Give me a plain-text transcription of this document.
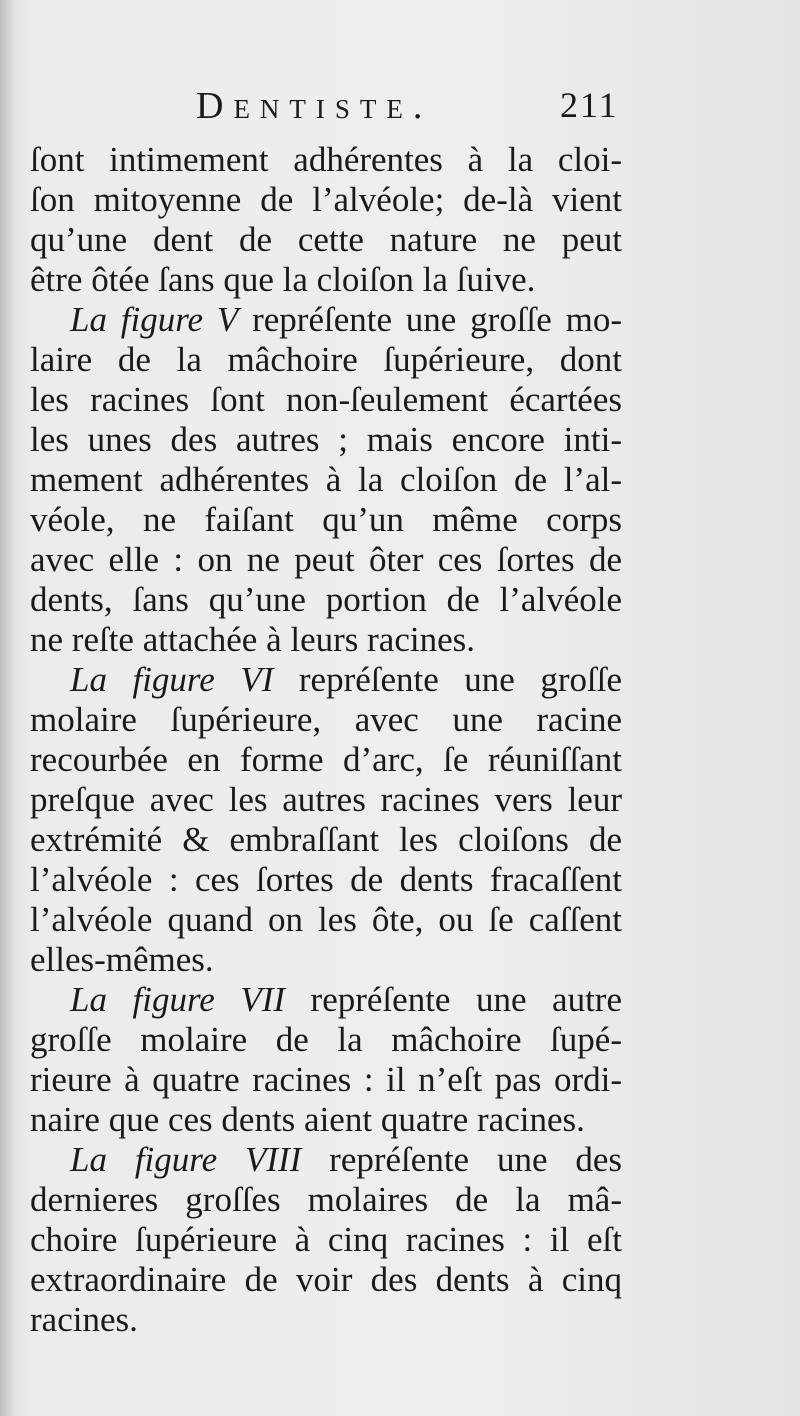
Dentiste.	211
ſont intimement adhérentes à la cloi-
ſon mitoyenne de l’alvéole; de-là vient
qu’une dent de cette nature ne peut
être ôtée ſans que la cloiſon la ſuive.
La figure V repréſente une groſſe mo-
laire de la mâchoire ſupérieure, dont
les racines ſont non-ſeulement écartées
les unes des autres ; mais encore inti-
mement adhérentes à la cloiſon de l’al-
véole, ne faiſant qu’un même corps
avec elle : on ne peut ôter ces ſortes de
dents, ſans qu’une portion de l’alvéole
ne reſte attachée à leurs racines.
La figure VI repréſente une groſſe
molaire ſupérieure, avec une racine
recourbée en forme d’arc, ſe réuniſſant
preſque avec les autres racines vers leur
extrémité & embraſſant les cloiſons de
l’alvéole : ces ſortes de dents fracaſſent
l’alvéole quand on les ôte, ou ſe caſſent
elles-mêmes.
La figure VII repréſente une autre
groſſe molaire de la mâchoire ſupé-
rieure à quatre racines : il n’eſt pas ordi-
naire que ces dents aient quatre racines.
La figure VIII repréſente une des
dernieres groſſes molaires de la mâ-
choire ſupérieure à cinq racines : il eſt
extraordinaire de voir des dents à cinq
racines.
